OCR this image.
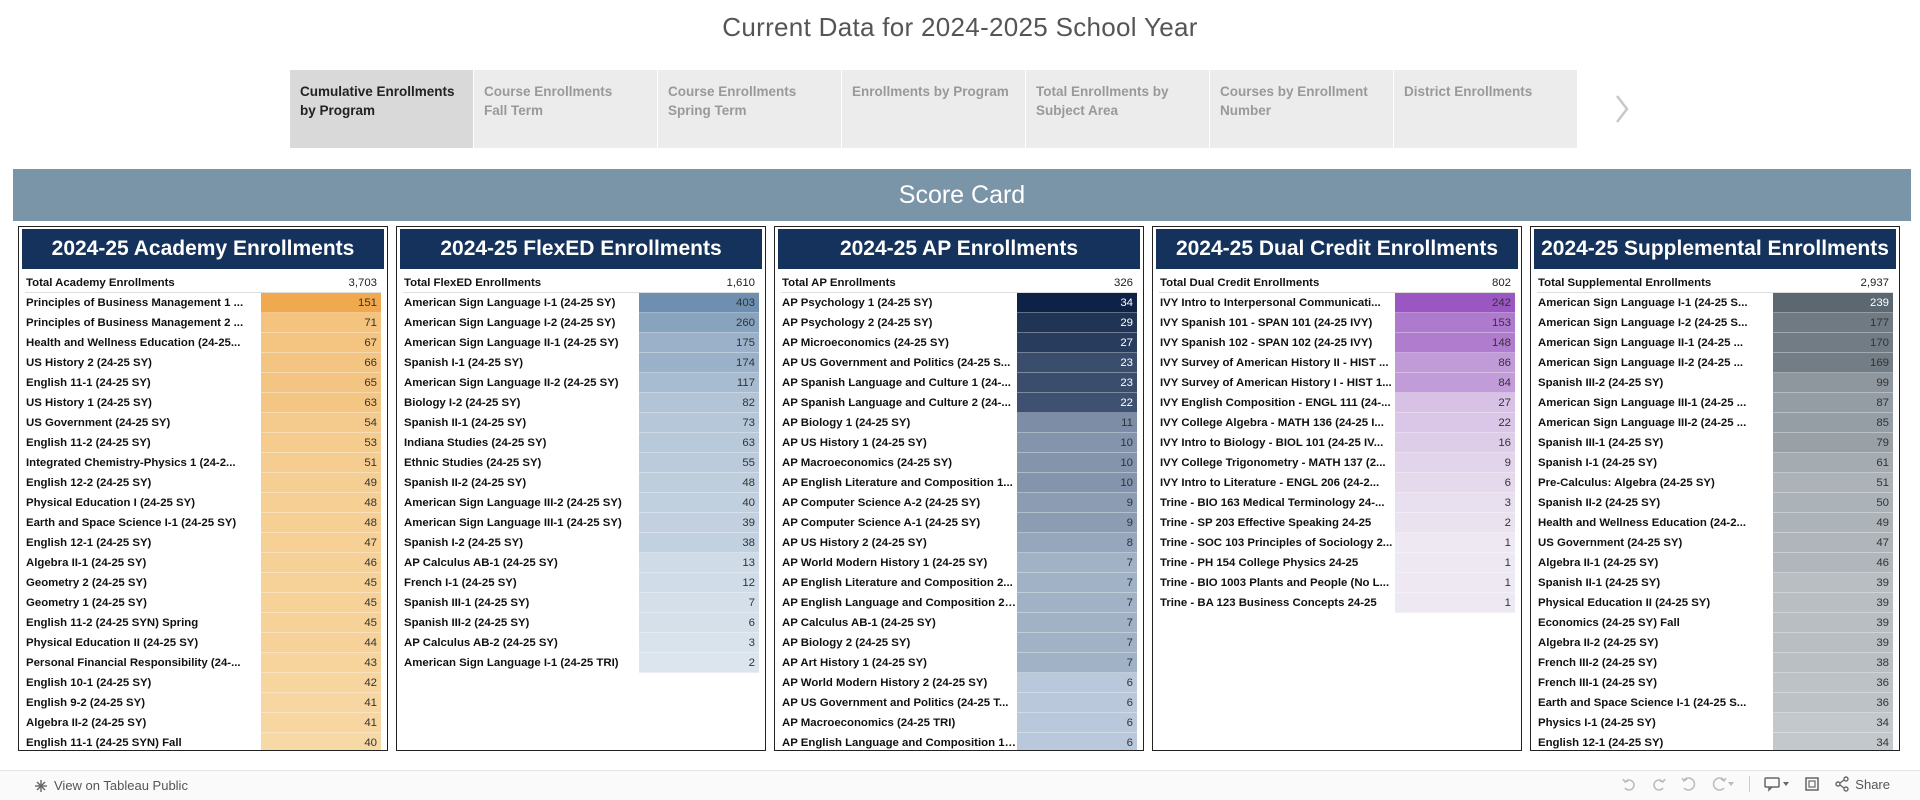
Current Data for 2024-2025 School Year
Cumulative Enrollments
by Program
Course Enrollments
Fall Term
Course Enrollments
Spring Term
Enrollments by Program	Total Enrollments by
Subject Area
Courses by Enrollment
Number
District Enrollments
Score Card
2024-25 Academy Enrollments
Total Academy Enrollments	3,703
Principles of Business Management 1 ...	151
Principles of Business Management 2 ...	71
Health and Wellness Education (24-25...	67
US History 2 (24-25 SY)	66
English 11-1 (24-25 SY)	65
US History 1 (24-25 SY)	63
US Government (24-25 SY)	54
English 11-2 (24-25 SY)	53
Integrated Chemistry-Physics 1 (24-2...	51
English 12-2 (24-25 SY)	49
Physical Education I (24-25 SY)	48
Earth and Space Science I-1 (24-25 SY)	48
English 12-1 (24-25 SY)	47
Algebra II-1 (24-25 SY)	46
Geometry 2 (24-25 SY)	45
Geometry 1 (24-25 SY)	45
English 11-2 (24-25 SYN) Spring	45
Physical Education II (24-25 SY)	44
Personal Financial Responsibility (24-...	43
English 10-1 (24-25 SY)	42
English 9-2 (24-25 SY)	41
Algebra II-2 (24-25 SY)	41
English 11-1 (24-25 SYN) Fall	40
2024-25 FlexED Enrollments
Total FlexED Enrollments	1,610
American Sign Language I-1 (24-25 SY)	403
American Sign Language I-2 (24-25 SY)	260
American Sign Language II-1 (24-25 SY)	175
Spanish I-1 (24-25 SY)	174
American Sign Language II-2 (24-25 SY)	117
Biology I-2 (24-25 SY)	82
Spanish II-1 (24-25 SY)	73
Indiana Studies (24-25 SY)	63
Ethnic Studies (24-25 SY)	55
Spanish II-2 (24-25 SY)	48
American Sign Language III-2 (24-25 SY)	40
American Sign Language III-1 (24-25 SY)	39
Spanish I-2 (24-25 SY)	38
AP Calculus AB-1 (24-25 SY)	13
French I-1 (24-25 SY)	12
Spanish III-1 (24-25 SY)	7
Spanish III-2 (24-25 SY)	6
AP Calculus AB-2 (24-25 SY)	3
American Sign Language I-1 (24-25 TRI)	2
2024-25 AP Enrollments
Total AP Enrollments	326
AP Psychology 1 (24-25 SY)	34
AP Psychology 2 (24-25 SY)	29
AP Microeconomics (24-25 SY)	27
AP US Government and Politics (24-25 S...	23
AP Spanish Language and Culture 1 (24-...	23
AP Spanish Language and Culture 2 (24-...	22
AP Biology 1 (24-25 SY)	11
AP US History 1 (24-25 SY)	10
AP Macroeconomics (24-25 SY)	10
AP English Literature and Composition 1...	10
AP Computer Science A-2 (24-25 SY)	9
AP Computer Science A-1 (24-25 SY)	9
AP US History 2 (24-25 SY)	8
AP World Modern History 1 (24-25 SY)	7
AP English Literature and Composition 2...	7
AP English Language and Composition 2 ...	7
AP Calculus AB-1 (24-25 SY)	7
AP Biology 2 (24-25 SY)	7
AP Art History 1 (24-25 SY)	7
AP World Modern History 2 (24-25 SY)	6
AP US Government and Politics (24-25 T...	6
AP Macroeconomics (24-25 TRI)	6
AP English Language and Composition 1 ...	6
2024-25 Dual Credit Enrollments
Total Dual Credit Enrollments	802
IVY Intro to Interpersonal Communicati...	242
IVY Spanish 101 - SPAN 101 (24-25 IVY)	153
IVY Spanish 102 - SPAN 102 (24-25 IVY)	148
IVY Survey of American History II - HIST ...	86
IVY Survey of American History I - HIST 1...	84
IVY English Composition - ENGL 111 (24-...	27
IVY College Algebra - MATH 136 (24-25 I...	22
IVY Intro to Biology - BIOL 101 (24-25 IV...	16
IVY College Trigonometry - MATH 137 (2...	9
IVY Intro to Literature - ENGL 206 (24-2...	6
Trine - BIO 163 Medical Terminology 24-...	3
Trine - SP 203 Effective Speaking 24-25	2
Trine - SOC 103 Principles of Sociology 2...	1
Trine - PH 154 College Physics 24-25	1
Trine - BIO 1003 Plants and People (No L...	1
Trine - BA 123 Business Concepts 24-25	1
2024-25 Supplemental Enrollments
Total Supplemental Enrollments	2,937
American Sign Language I-1 (24-25 S...	239
American Sign Language I-2 (24-25 S...	177
American Sign Language II-1 (24-25 ...	170
American Sign Language II-2 (24-25 ...	169
Spanish III-2 (24-25 SY)	99
American Sign Language III-1 (24-25 ...	87
American Sign Language III-2 (24-25 ...	85
Spanish III-1 (24-25 SY)	79
Spanish I-1 (24-25 SY)	61
Pre-Calculus: Algebra (24-25 SY)	51
Spanish II-2 (24-25 SY)	50
Health and Wellness Education (24-2...	49
US Government (24-25 SY)	47
Algebra II-1 (24-25 SY)	46
Spanish II-1 (24-25 SY)	39
Physical Education II (24-25 SY)	39
Economics (24-25 SY) Fall	39
Algebra II-2 (24-25 SY)	39
French III-2 (24-25 SY)	38
French III-1 (24-25 SY)	36
Earth and Space Science I-1 (24-25 S...	36
Physics I-1 (24-25 SY)	34
English 12-1 (24-25 SY)	34
View on Tableau Public	Share
